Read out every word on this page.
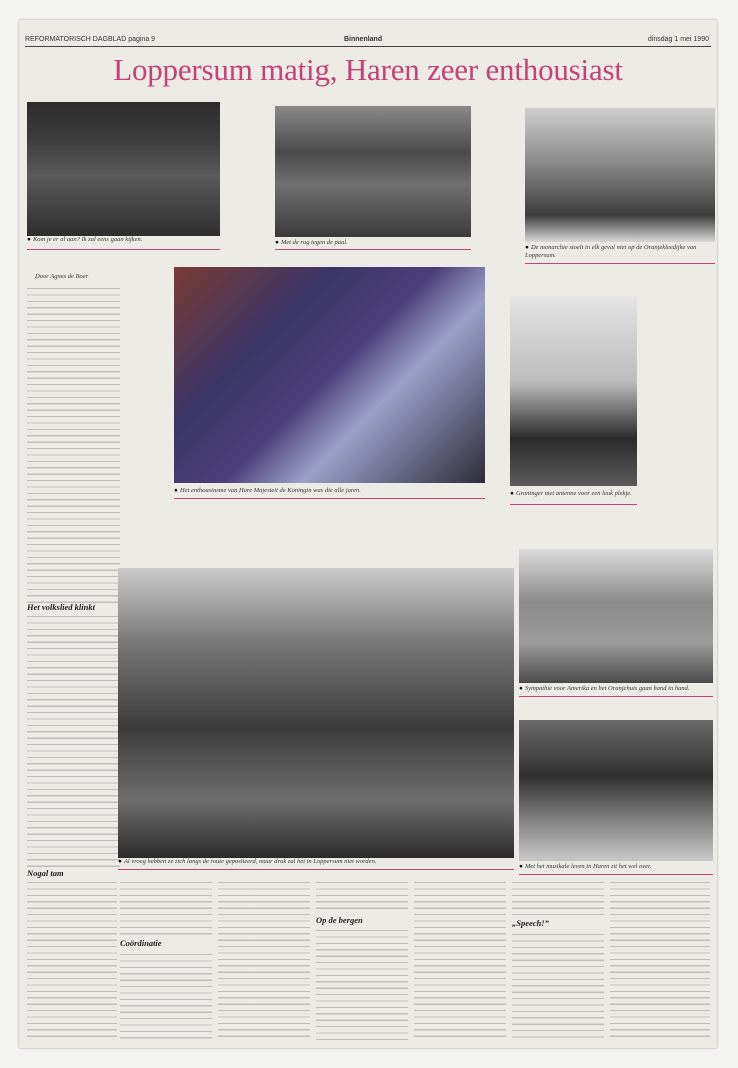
REFORMATORISCH DAGBLAD pagina 9	Binnenland	dinsdag 1 mei 1990
Loppersum matig, Haren zeer enthousiast
● Kom je er al aan? Ik zal eens gaan kijken.	● Met de rug tegen de paal.
● De monarchie stoelt in elk geval niet op de Oranjekleedijke van Loppersum.
Door Agnes de Boer
● Het enthousiasme van Hare Majesteit de Koningin was die alle jaren.	● Groninger met antenne voor een leuk plekje.
Het volkslied klinkt
● Al vroeg hebben ze zich langs de route gepositeerd, maar druk zal het in Loppersum niet worden.
● Sympathie voor Amerika en het Oranjehuis gaan hand in hand.
● Met het muzikale leven in Haren zit het wel over.
Nogal tam
Coördinatie
Op de bergen	„Speech!”
